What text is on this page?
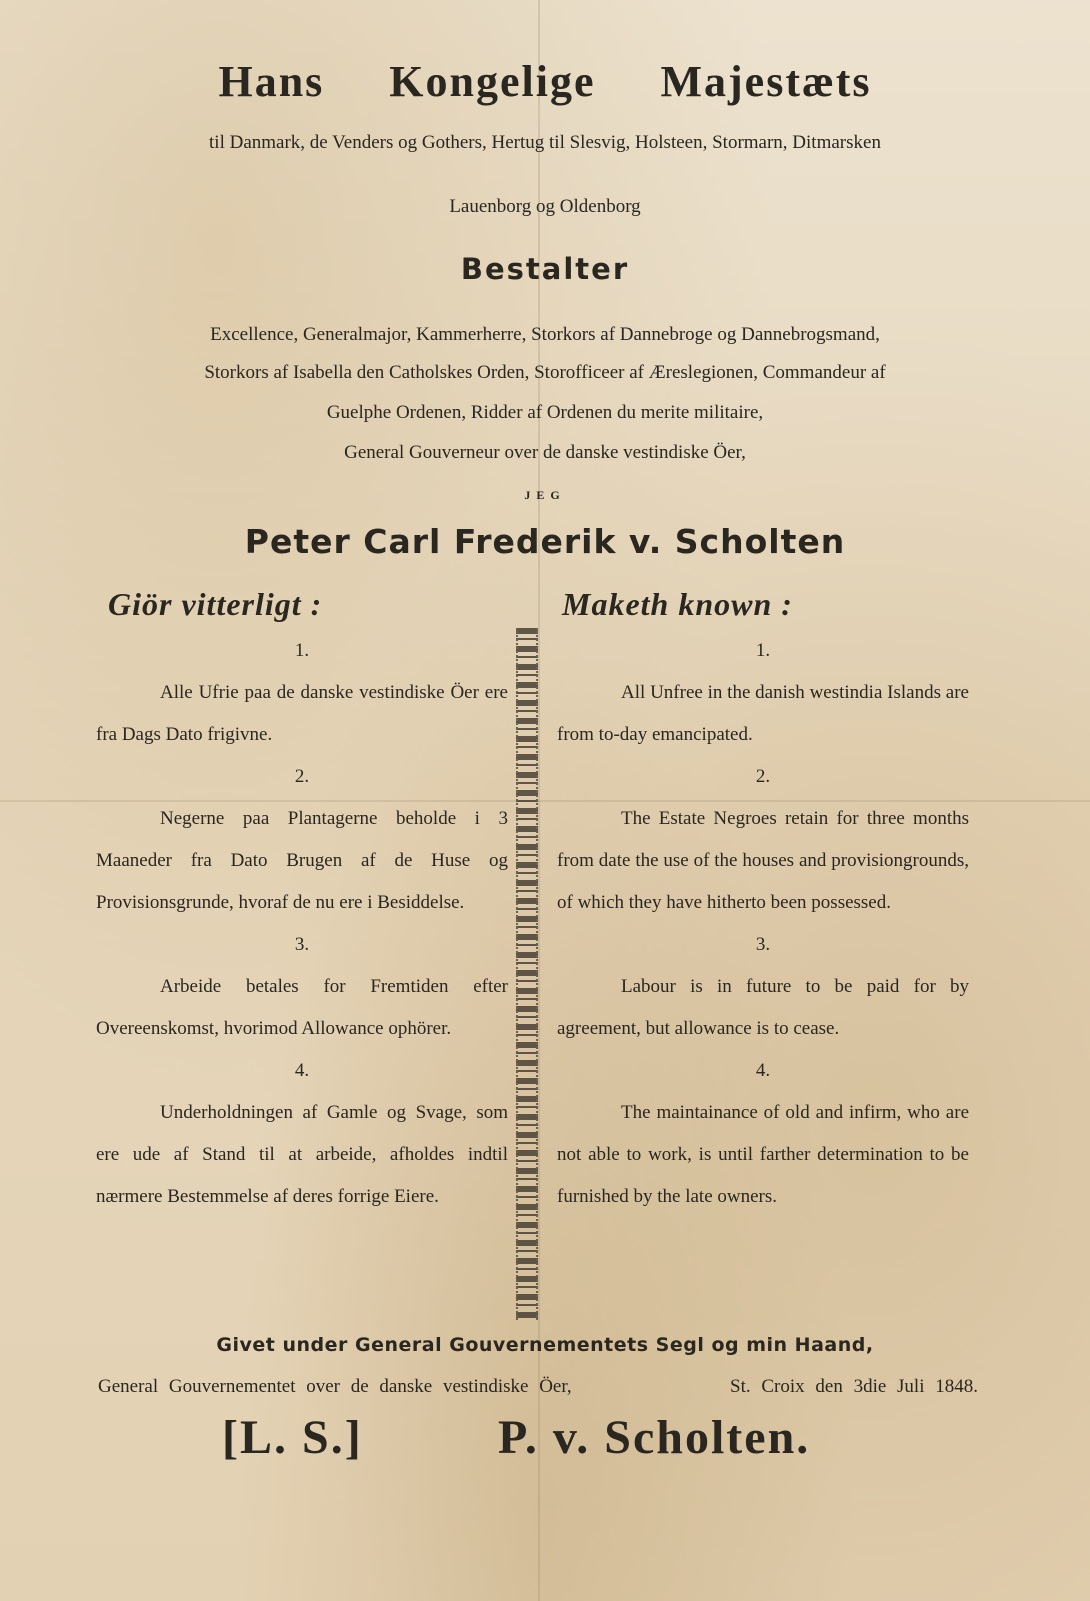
Hans Kongelige Majestæts
til Danmark, de Venders og Gothers, Hertug til Slesvig, Holsteen, Stormarn, Ditmarsken
Lauenborg og Oldenborg
Bestalter
Excellence, Generalmajor, Kammerherre, Storkors af Dannebroge og Dannebrogsmand,
Storkors af Isabella den Catholskes Orden, Storofficeer af Æreslegionen, Commandeur af
Guelphe Ordenen, Ridder af Ordenen du merite militaire,
General Gouverneur over de danske vestindiske Öer,
JEG
Peter Carl Frederik v. Scholten
Giör vitterligt :	Maketh known :
1.
Alle Ufrie paa de danske vestindiske Öer ere fra Dags Dato frigivne.
2.
Negerne paa Plantagerne beholde i 3 Maaneder fra Dato Brugen af de Huse og Provisionsgrunde, hvoraf de nu ere i Besiddelse.
3.
Arbeide betales for Fremtiden efter Overeenskomst, hvorimod Allowance ophörer.
4.
Underholdningen af Gamle og Svage, som ere ude af Stand til at arbeide, afholdes indtil nærmere Bestemmelse af deres forrige Eiere.
1.
All Unfree in the danish westindia Islands are from to-day emancipated.
2.
The Estate Negroes retain for three months from date the use of the houses and provisiongrounds, of which they have hitherto been possessed.
3.
Labour is in future to be paid for by agreement, but allowance is to cease.
4.
The maintainance of old and infirm, who are not able to work, is until farther determination to be furnished by the late owners.
Givet under General Gouvernementets Segl og min Haand,
General Gouvernementet over de danske vestindiske Öer,	St. Croix den 3die Juli 1848.
[L. S.]	P. v. Scholten.
